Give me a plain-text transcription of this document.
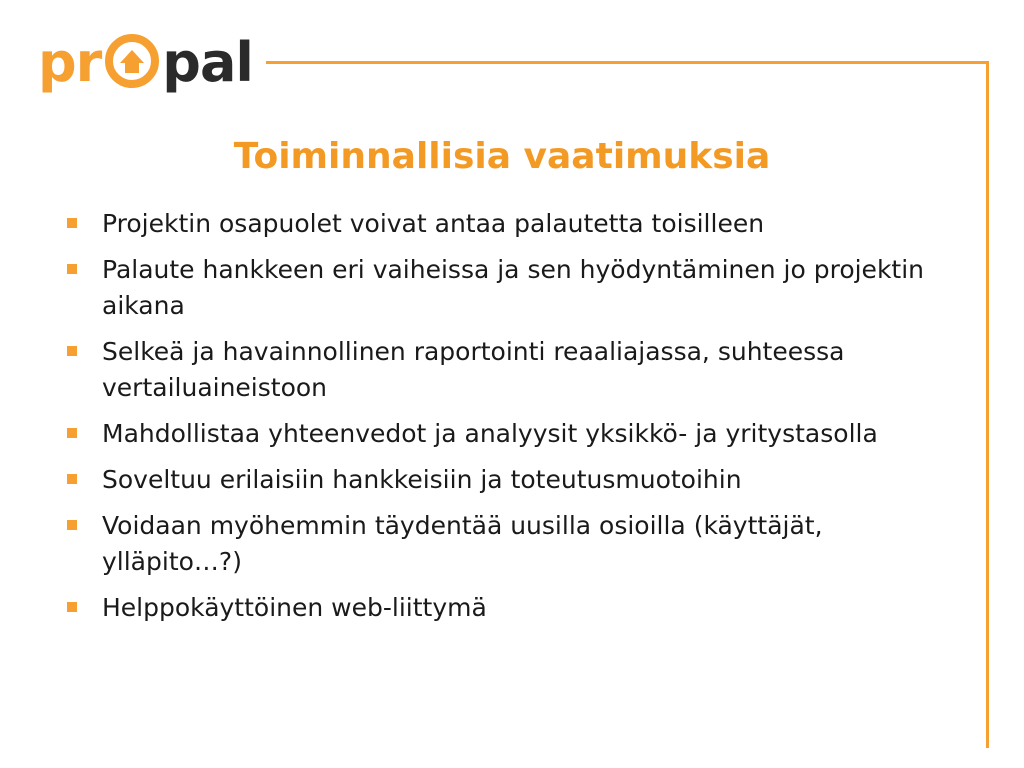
pr pal
Toiminnallisia vaatimuksia
Projektin osapuolet voivat antaa palautetta toisilleen
Palaute hankkeen eri vaiheissa ja sen hyödyntäminen jo projektin aikana
Selkeä ja havainnollinen raportointi reaaliajassa, suhteessa vertailuaineistoon
Mahdollistaa yhteenvedot ja analyysit yksikkö- ja yritystasolla
Soveltuu erilaisiin hankkeisiin ja toteutusmuotoihin
Voidaan myöhemmin täydentää uusilla osioilla (käyttäjät, ylläpito…?)
Helppokäyttöinen web-liittymä
